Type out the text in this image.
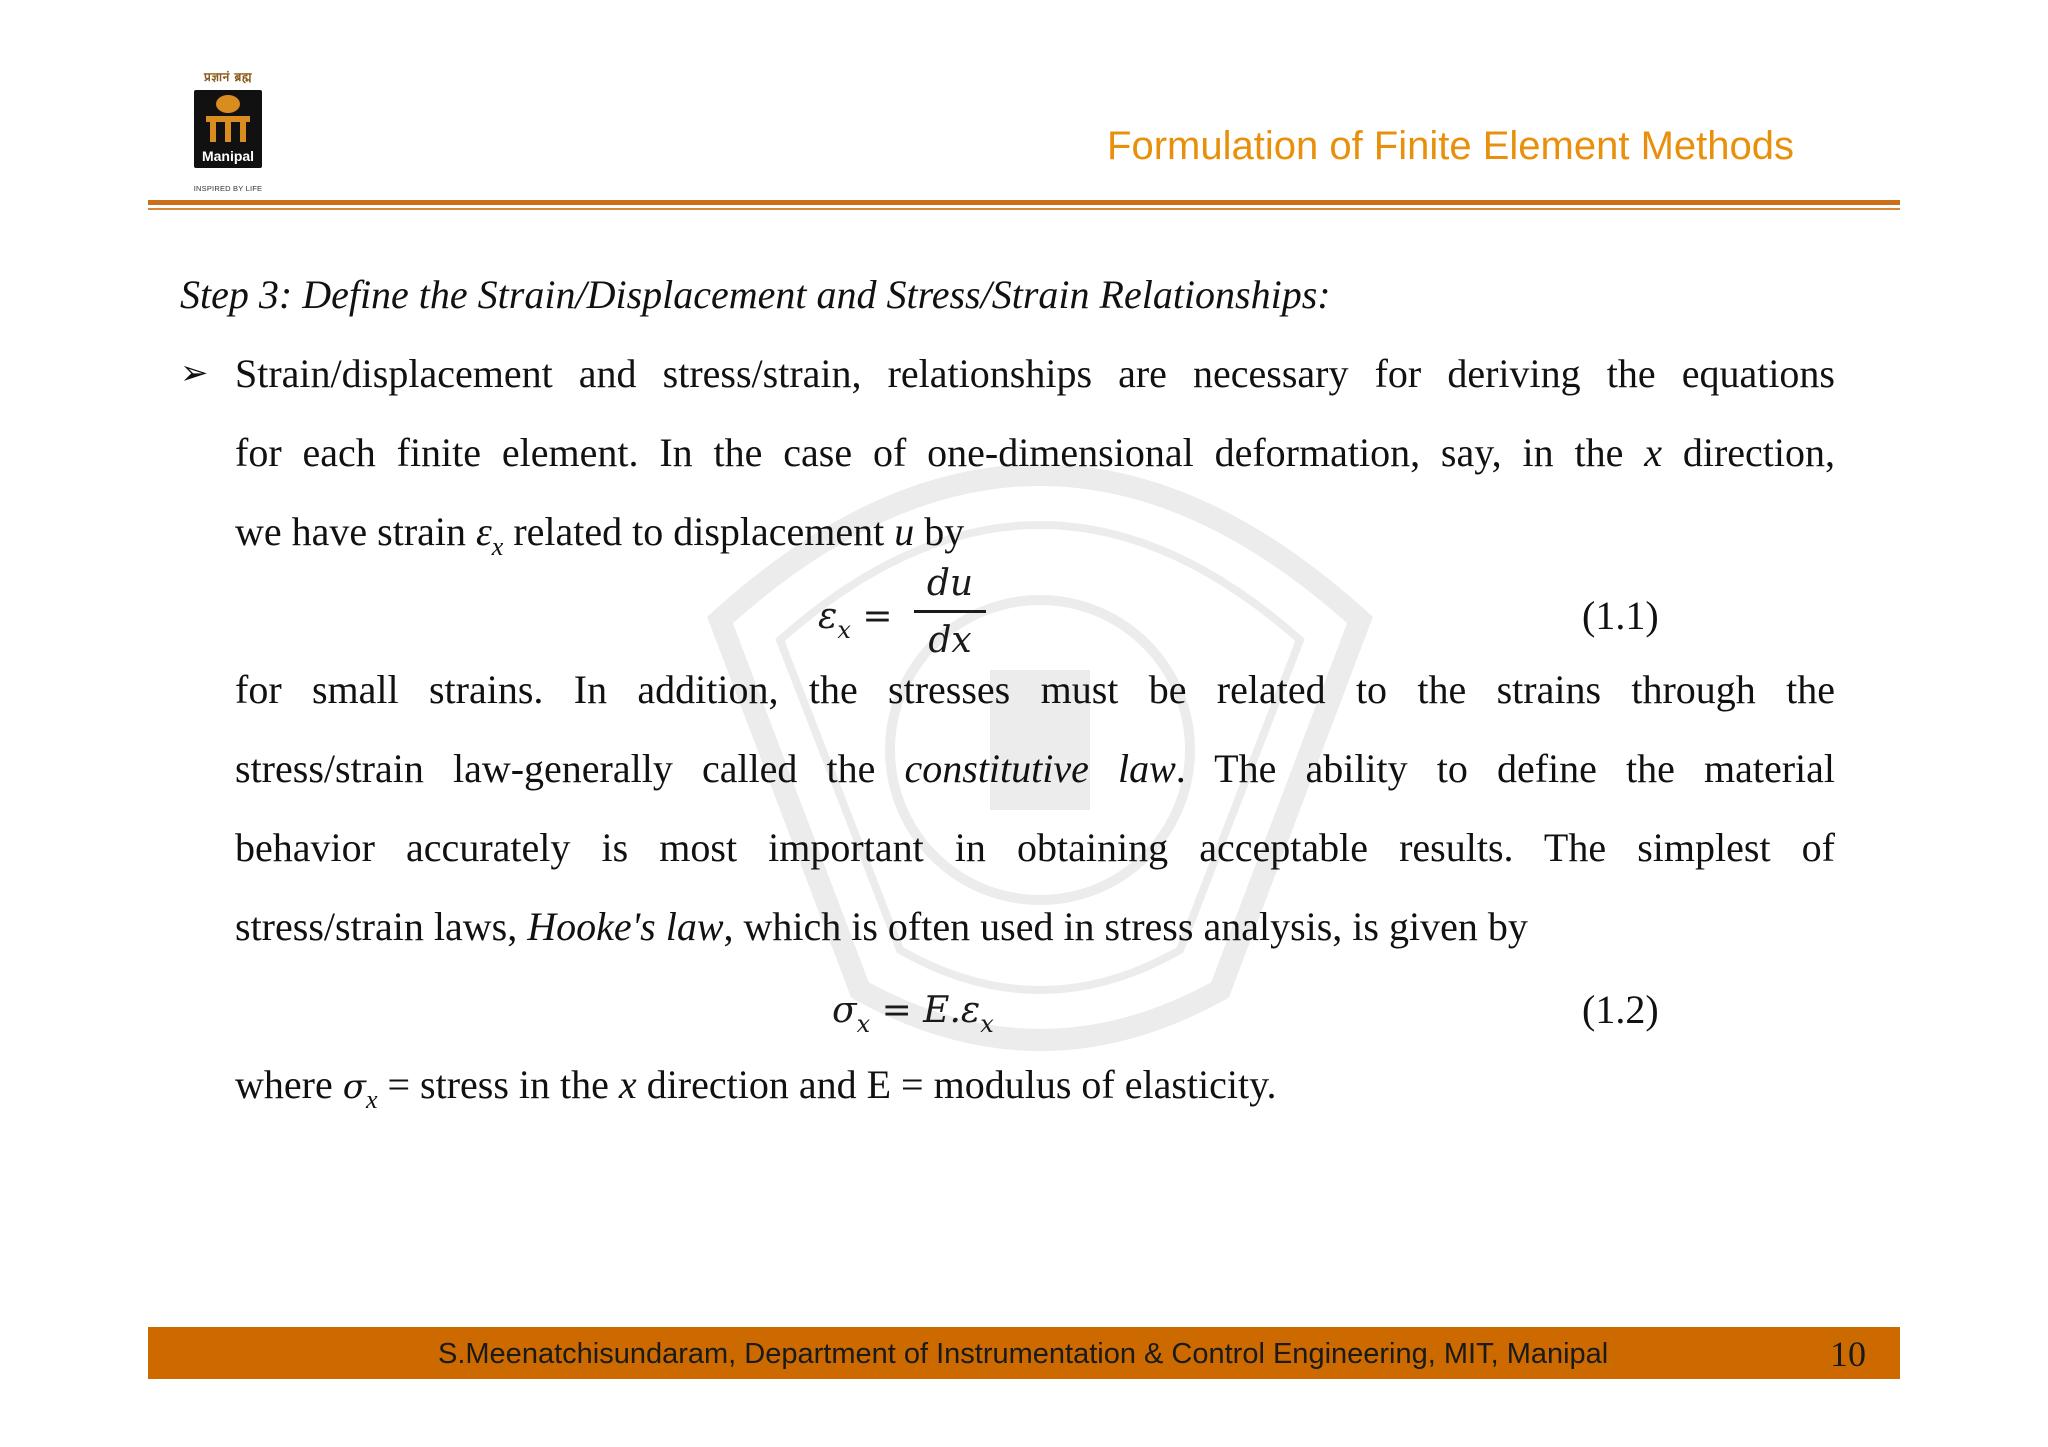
प्रज्ञानं ब्रह्म
Manipal
INSPIRED BY LIFE
Formulation of Finite Element Methods
Step 3: Define the Strain/Displacement and Stress/Strain Relationships:
➢ Strain/displacement and stress/strain, relationships are necessary for deriving the equations
for each finite element. In the case of one-dimensional deformation, say, in the x direction,
we have strain $\varepsilon_x$ related to displacement u by
$\varepsilon_x$ =
du
dx
(1.1)
for small strains. In addition, the stresses must be related to the strains through the
stress/strain law-generally called the constitutive law. The ability to define the material
behavior accurately is most important in obtaining acceptable results. The simplest of
stress/strain laws, Hooke's law, which is often used in stress analysis, is given by
$\sigma_x = E.\varepsilon_x$	(1.2)
where $\sigma_x$ = stress in the x direction and E = modulus of elasticity.
S.Meenatchisundaram, Department of Instrumentation & Control Engineering, MIT, Manipal	10
